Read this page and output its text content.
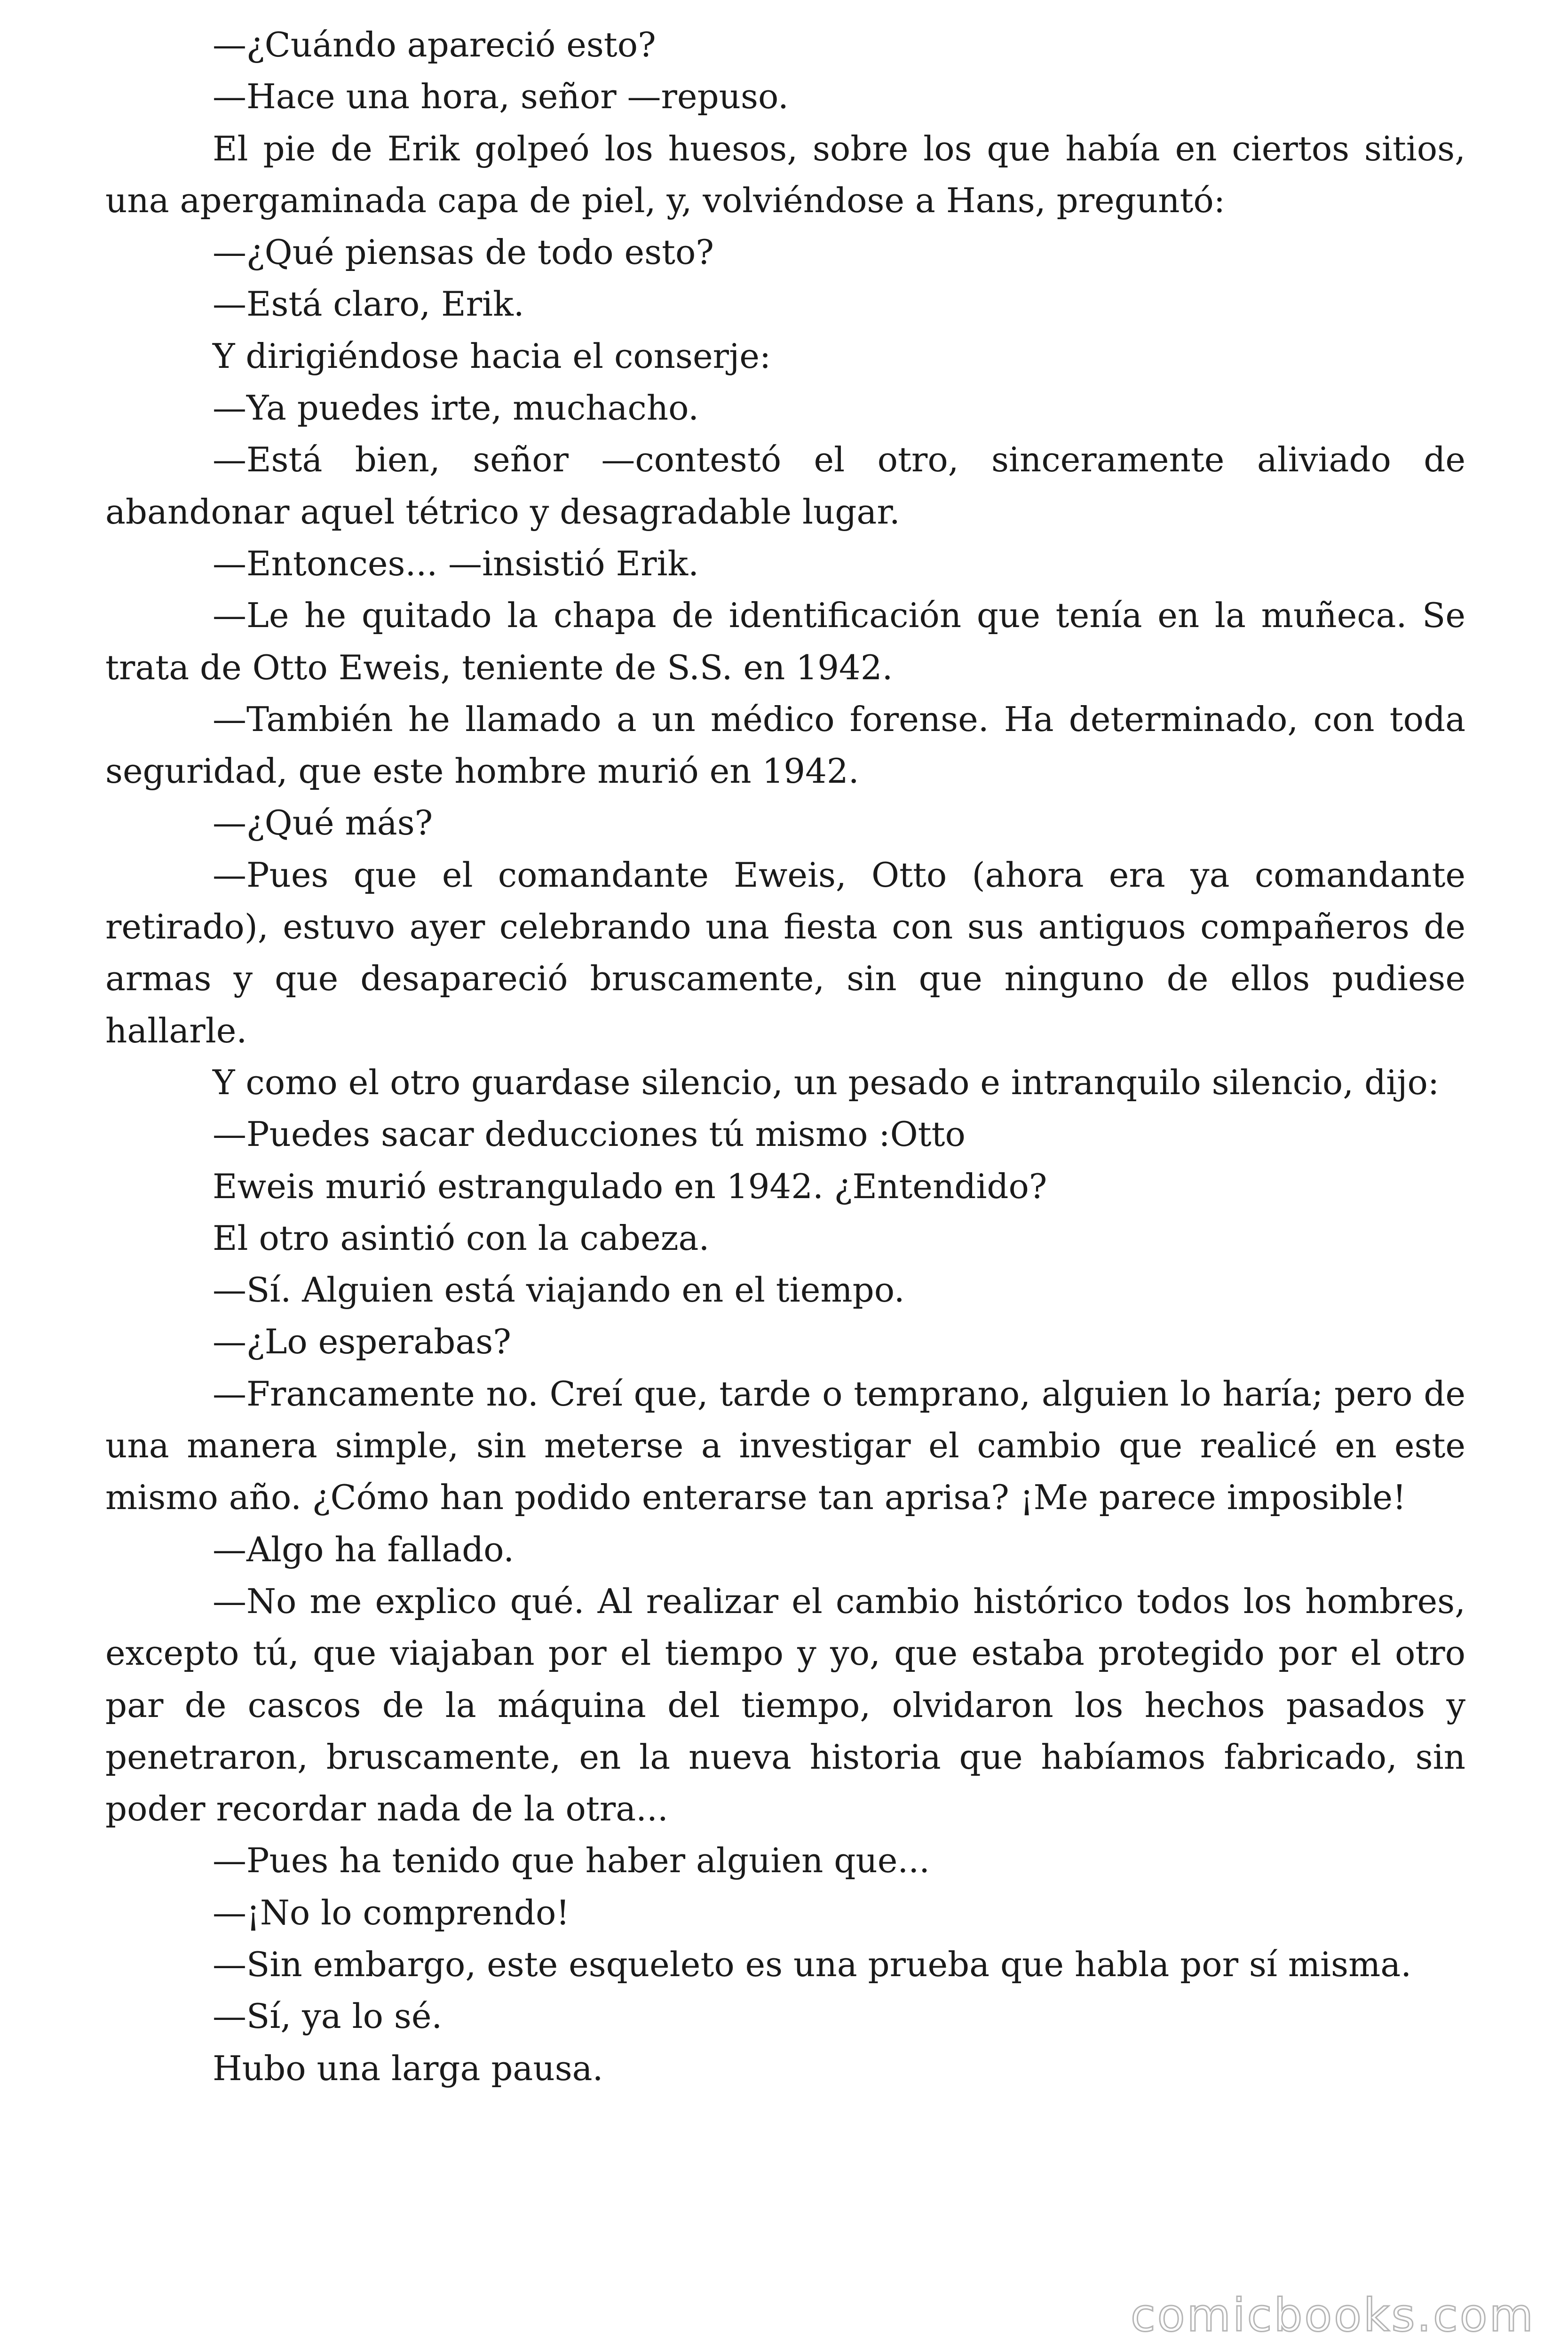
—¿Cuándo apareció esto?

—Hace una hora, señor —repuso.

El pie de Erik golpeó los huesos, sobre los que había en ciertos sitios, una apergaminada capa de piel, y, volviéndose a Hans, preguntó:

—¿Qué piensas de todo esto?

—Está claro, Erik.

Y dirigiéndose hacia el conserje:

—Ya puedes irte, muchacho.

—Está bien, señor —contestó el otro, sinceramente aliviado de abandonar aquel tétrico y desagradable lugar.

—Entonces... —insistió Erik.

—Le he quitado la chapa de identificación que tenía en la muñeca. Se trata de Otto Eweis, teniente de S.S. en 1942.

—También he llamado a un médico forense. Ha determinado, con toda seguridad, que este hombre murió en 1942.

—¿Qué más?

—Pues que el comandante Eweis, Otto (ahora era ya comandante retirado), estuvo ayer celebrando una fiesta con sus antiguos compañeros de armas y que desapareció bruscamente, sin que ninguno de ellos pudiese hallarle.

Y como el otro guardase silencio, un pesado e intranquilo silencio, dijo:

—Puedes sacar deducciones tú mismo :Otto

Eweis murió estrangulado en 1942. ¿Entendido?

El otro asintió con la cabeza.

—Sí. Alguien está viajando en el tiempo.

—¿Lo esperabas?

—Francamente no. Creí que, tarde o temprano, alguien lo haría; pero de una manera simple, sin meterse a investigar el cambio que realicé en este mismo año. ¿Cómo han podido enterarse tan aprisa? ¡Me parece imposible!

—Algo ha fallado.

—No me explico qué. Al realizar el cambio histórico todos los hombres, excepto tú, que viajaban por el tiempo y yo, que estaba protegido por el otro par de cascos de la máquina del tiempo, olvidaron los hechos pasados y penetraron, bruscamente, en la nueva historia que habíamos fabricado, sin poder recordar nada de la otra...

—Pues ha tenido que haber alguien que...

—¡No lo comprendo!

—Sin embargo, este esqueleto es una prueba que habla por sí misma.

—Sí, ya lo sé.

Hubo una larga pausa.

comicbooks.com
